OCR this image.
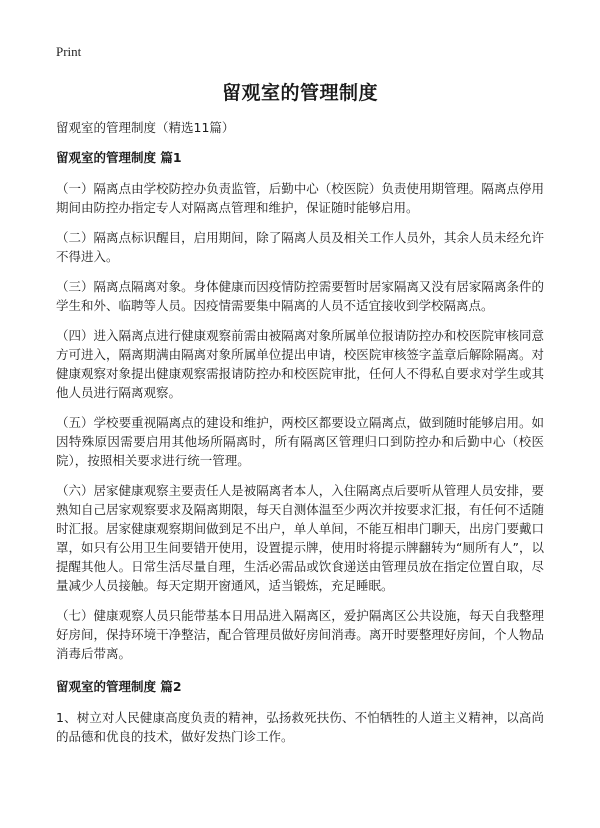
Print
留观室的管理制度

留观室的管理制度（精选11篇）

留观室的管理制度 篇1

（一）隔离点由学校防控办负责监管，后勤中心（校医院）负责使用期管理。隔离点停用期间由防控办指定专人对隔离点管理和维护，保证随时能够启用。

（二）隔离点标识醒目，启用期间，除了隔离人员及相关工作人员外，其余人员未经允许不得进入。

（三）隔离点隔离对象。身体健康而因疫情防控需要暂时居家隔离又没有居家隔离条件的学生和外、临聘等人员。因疫情需要集中隔离的人员不适宜接收到学校隔离点。

（四）进入隔离点进行健康观察前需由被隔离对象所属单位报请防控办和校医院审核同意方可进入，隔离期满由隔离对象所属单位提出申请，校医院审核签字盖章后解除隔离。对健康观察对象提出健康观察需报请防控办和校医院审批，任何人不得私自要求对学生或其他人员进行隔离观察。

（五）学校要重视隔离点的建设和维护，两校区都要设立隔离点，做到随时能够启用。如因特殊原因需要启用其他场所隔离时，所有隔离区管理归口到防控办和后勤中心（校医院），按照相关要求进行统一管理。

（六）居家健康观察主要责任人是被隔离者本人，入住隔离点后要听从管理人员安排，要熟知自己居家观察要求及隔离期限，每天自测体温至少两次并按要求汇报，有任何不适随时汇报。居家健康观察期间做到足不出户，单人单间，不能互相串门聊天，出房门要戴口罩，如只有公用卫生间要错开使用，设置提示牌，使用时将提示牌翻转为“厕所有人”，以提醒其他人。日常生活尽量自理，生活必需品或饮食递送由管理员放在指定位置自取，尽量减少人员接触。每天定期开窗通风，适当锻炼，充足睡眠。

（七）健康观察人员只能带基本日用品进入隔离区，爱护隔离区公共设施，每天自我整理好房间，保持环境干净整洁，配合管理员做好房间消毒。离开时要整理好房间，个人物品消毒后带离。

留观室的管理制度 篇2

1、树立对人民健康高度负责的精神，弘扬救死扶伤、不怕牺牲的人道主义精神，以高尚的品德和优良的技术，做好发热门诊工作。
